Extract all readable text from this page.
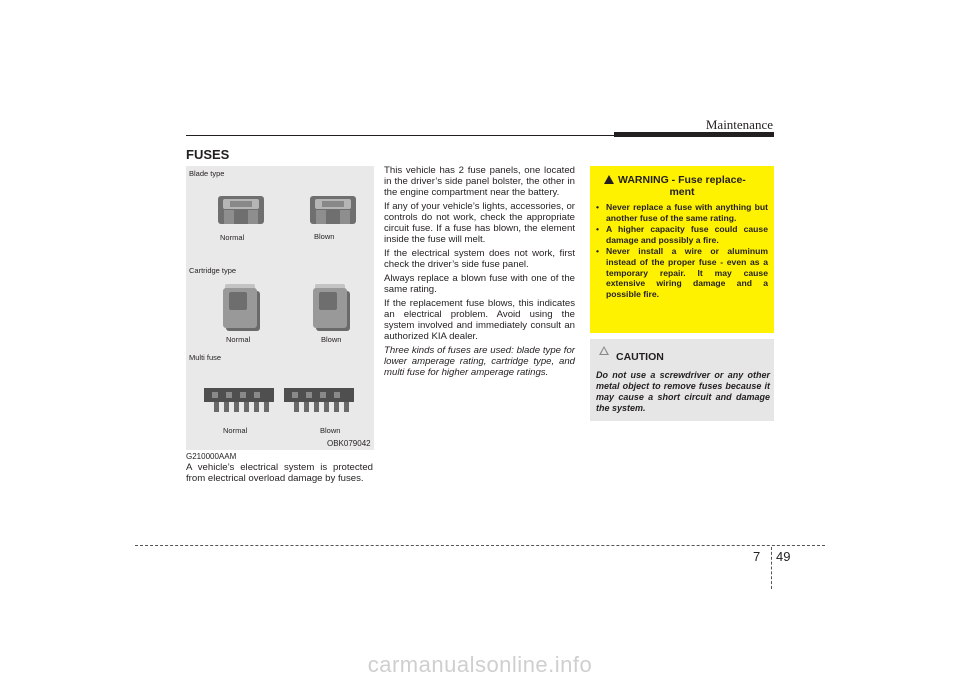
Maintenance
FUSES
Blade type
Normal	Blown
Cartridge type
Normal	Blown
Multi fuse
Normal	Blown
OBK079042
G210000AAM
A vehicle’s electrical system is protected from electrical overload damage by fuses.

This vehicle has 2 fuse panels, one located in the driver’s side panel bolster, the other in the engine compartment near the battery.

If any of your vehicle’s lights, accessories, or controls do not work, check the appropriate circuit fuse. If a fuse has blown, the element inside the fuse will melt.

If the electrical system does not work, first check the driver’s side fuse panel.

Always replace a blown fuse with one of the same rating.

If the replacement fuse blows, this indicates an electrical problem. Avoid using the system involved and immediately consult an authorized KIA dealer.

Three kinds of fuses are used: blade type for lower amperage rating, cartridge type, and multi fuse for higher amperage ratings.

WARNING - Fuse replace-
ment
• Never replace a fuse with anything but another fuse of the same rating.
• A higher capacity fuse could cause damage and possibly a fire.
• Never install a wire or aluminum instead of the proper fuse - even as a temporary repair. It may cause extensive wiring damage and a possible fire.
CAUTION
Do not use a screwdriver or any other metal object to remove fuses because it may cause a short circuit and damage the system.
7 49
carmanualsonline.info
